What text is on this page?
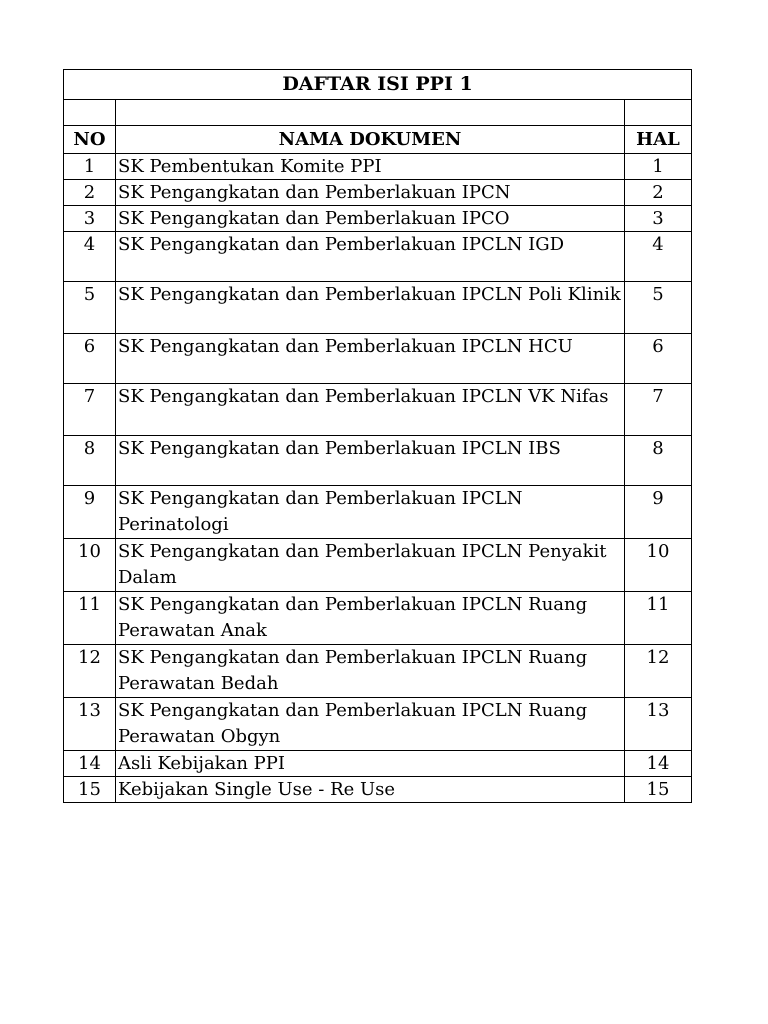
DAFTAR ISI PPI 1		

NO	NAMA DOKUMEN	HAL
1	SK Pembentukan Komite PPI	1
2	SK Pengangkatan dan Pemberlakuan IPCN	2
3	SK Pengangkatan dan Pemberlakuan IPCO	3
4	SK Pengangkatan dan Pemberlakuan IPCLN IGD	4
5	SK Pengangkatan dan Pemberlakuan IPCLN Poli Klinik	5
6	SK Pengangkatan dan Pemberlakuan IPCLN HCU	6
7	SK Pengangkatan dan Pemberlakuan IPCLN VK Nifas	7
8	SK Pengangkatan dan Pemberlakuan IPCLN IBS	8
9	SK Pengangkatan dan Pemberlakuan IPCLN Perinatologi	9
10	SK Pengangkatan dan Pemberlakuan IPCLN Penyakit Dalam	10
11	SK Pengangkatan dan Pemberlakuan IPCLN Ruang Perawatan Anak	11
12	SK Pengangkatan dan Pemberlakuan IPCLN Ruang Perawatan Bedah	12
13	SK Pengangkatan dan Pemberlakuan IPCLN Ruang Perawatan Obgyn	13
14	Asli Kebijakan PPI	14
15	Kebijakan Single Use - Re Use	15
